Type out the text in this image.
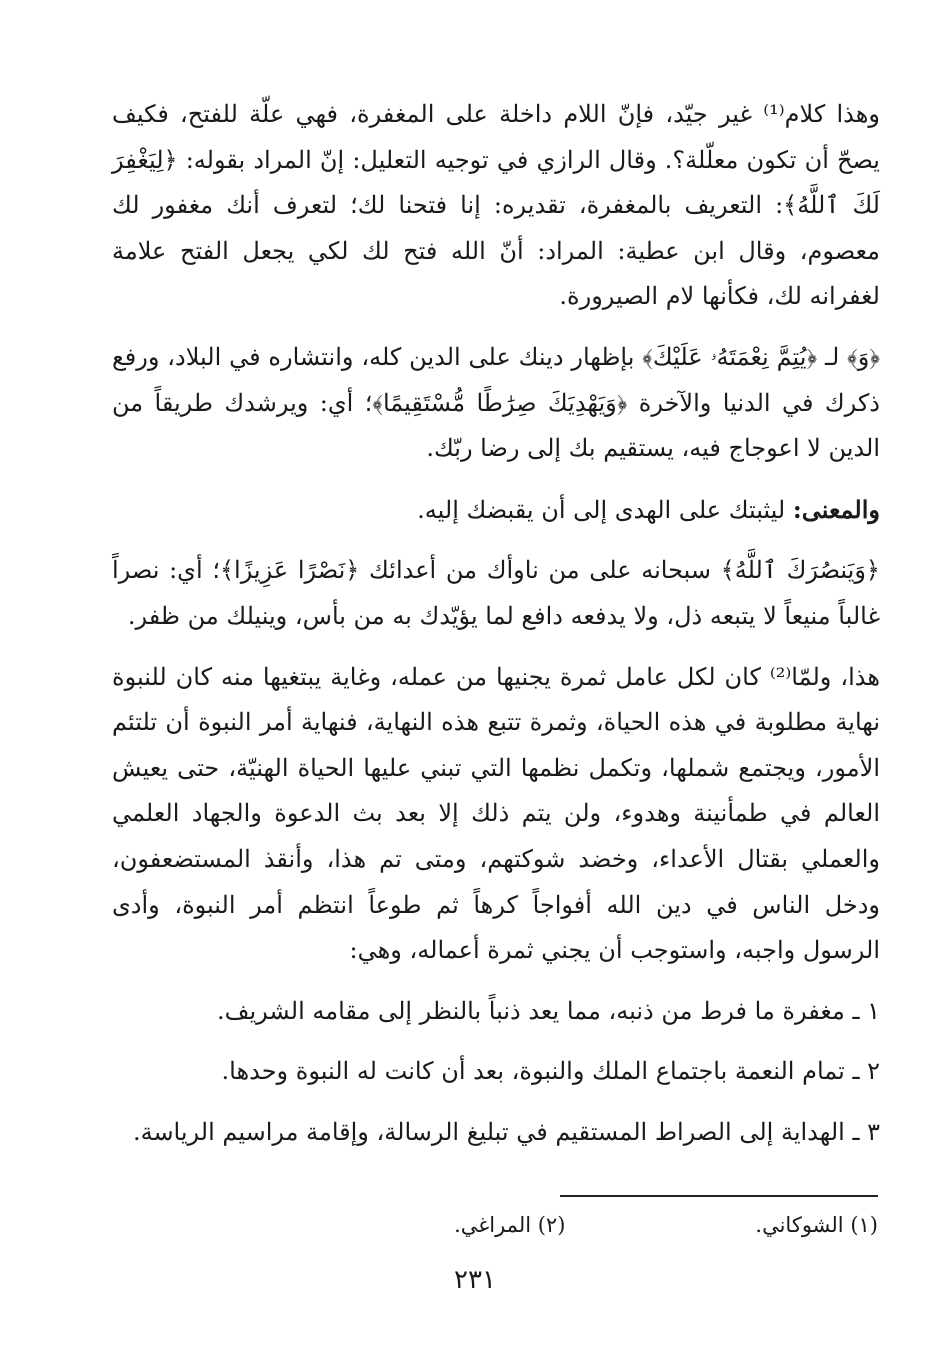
وهذا كلام⁽¹⁾ غير جيّد، فإنّ اللام داخلة على المغفرة، فهي علّة للفتح، فكيف يصحّ أن تكون معلّلة؟. وقال الرازي في توجيه التعليل: إنّ المراد بقوله: ﴿لِيَغْفِرَ لَكَ ٱللَّهُ﴾: التعريف بالمغفرة، تقديره: إنا فتحنا لك؛ لتعرف أنك مغفور لك معصوم، وقال ابن عطية: المراد: أنّ الله فتح لك لكي يجعل الفتح علامة لغفرانه لك، فكأنها لام الصيرورة.

﴿وَ﴾ لـ ﴿يُتِمَّ نِعْمَتَهُۥ عَلَيْكَ﴾ بإظهار دينك على الدين كله، وانتشاره في البلاد، ورفع ذكرك في الدنيا والآخرة ﴿وَيَهْدِيَكَ صِرَٰطًا مُّسْتَقِيمًا﴾؛ أي: ويرشدك طريقاً من الدين لا اعوجاج فيه، يستقيم بك إلى رضا ربّك.

والمعنى: ليثبتك على الهدى إلى أن يقبضك إليه.

﴿وَيَنصُرَكَ ٱللَّهُ﴾ سبحانه على من ناوأك من أعدائك ﴿نَصْرًا عَزِيزًا﴾؛ أي: نصراً غالباً منيعاً لا يتبعه ذل، ولا يدفعه دافع لما يؤيّدك به من بأس، وينيلك من ظفر.

هذا، ولمّا⁽²⁾ كان لكل عامل ثمرة يجنيها من عمله، وغاية يبتغيها منه كان للنبوة نهاية مطلوبة في هذه الحياة، وثمرة تتبع هذه النهاية، فنهاية أمر النبوة أن تلتئم الأمور، ويجتمع شملها، وتكمل نظمها التي تبني عليها الحياة الهنيّة، حتى يعيش العالم في طمأنينة وهدوء، ولن يتم ذلك إلا بعد بث الدعوة والجهاد العلمي والعملي بقتال الأعداء، وخضد شوكتهم، ومتى تم هذا، وأنقذ المستضعفون، ودخل الناس في دين الله أفواجاً كرهاً ثم طوعاً انتظم أمر النبوة، وأدى الرسول واجبه، واستوجب أن يجني ثمرة أعماله، وهي:

١ ـ مغفرة ما فرط من ذنبه، مما يعد ذنباً بالنظر إلى مقامه الشريف.

٢ ـ تمام النعمة باجتماع الملك والنبوة، بعد أن كانت له النبوة وحدها.

٣ ـ الهداية إلى الصراط المستقيم في تبليغ الرسالة، وإقامة مراسيم الرياسة.

(١) الشوكاني.
(٢) المراغي.
٢٣١
